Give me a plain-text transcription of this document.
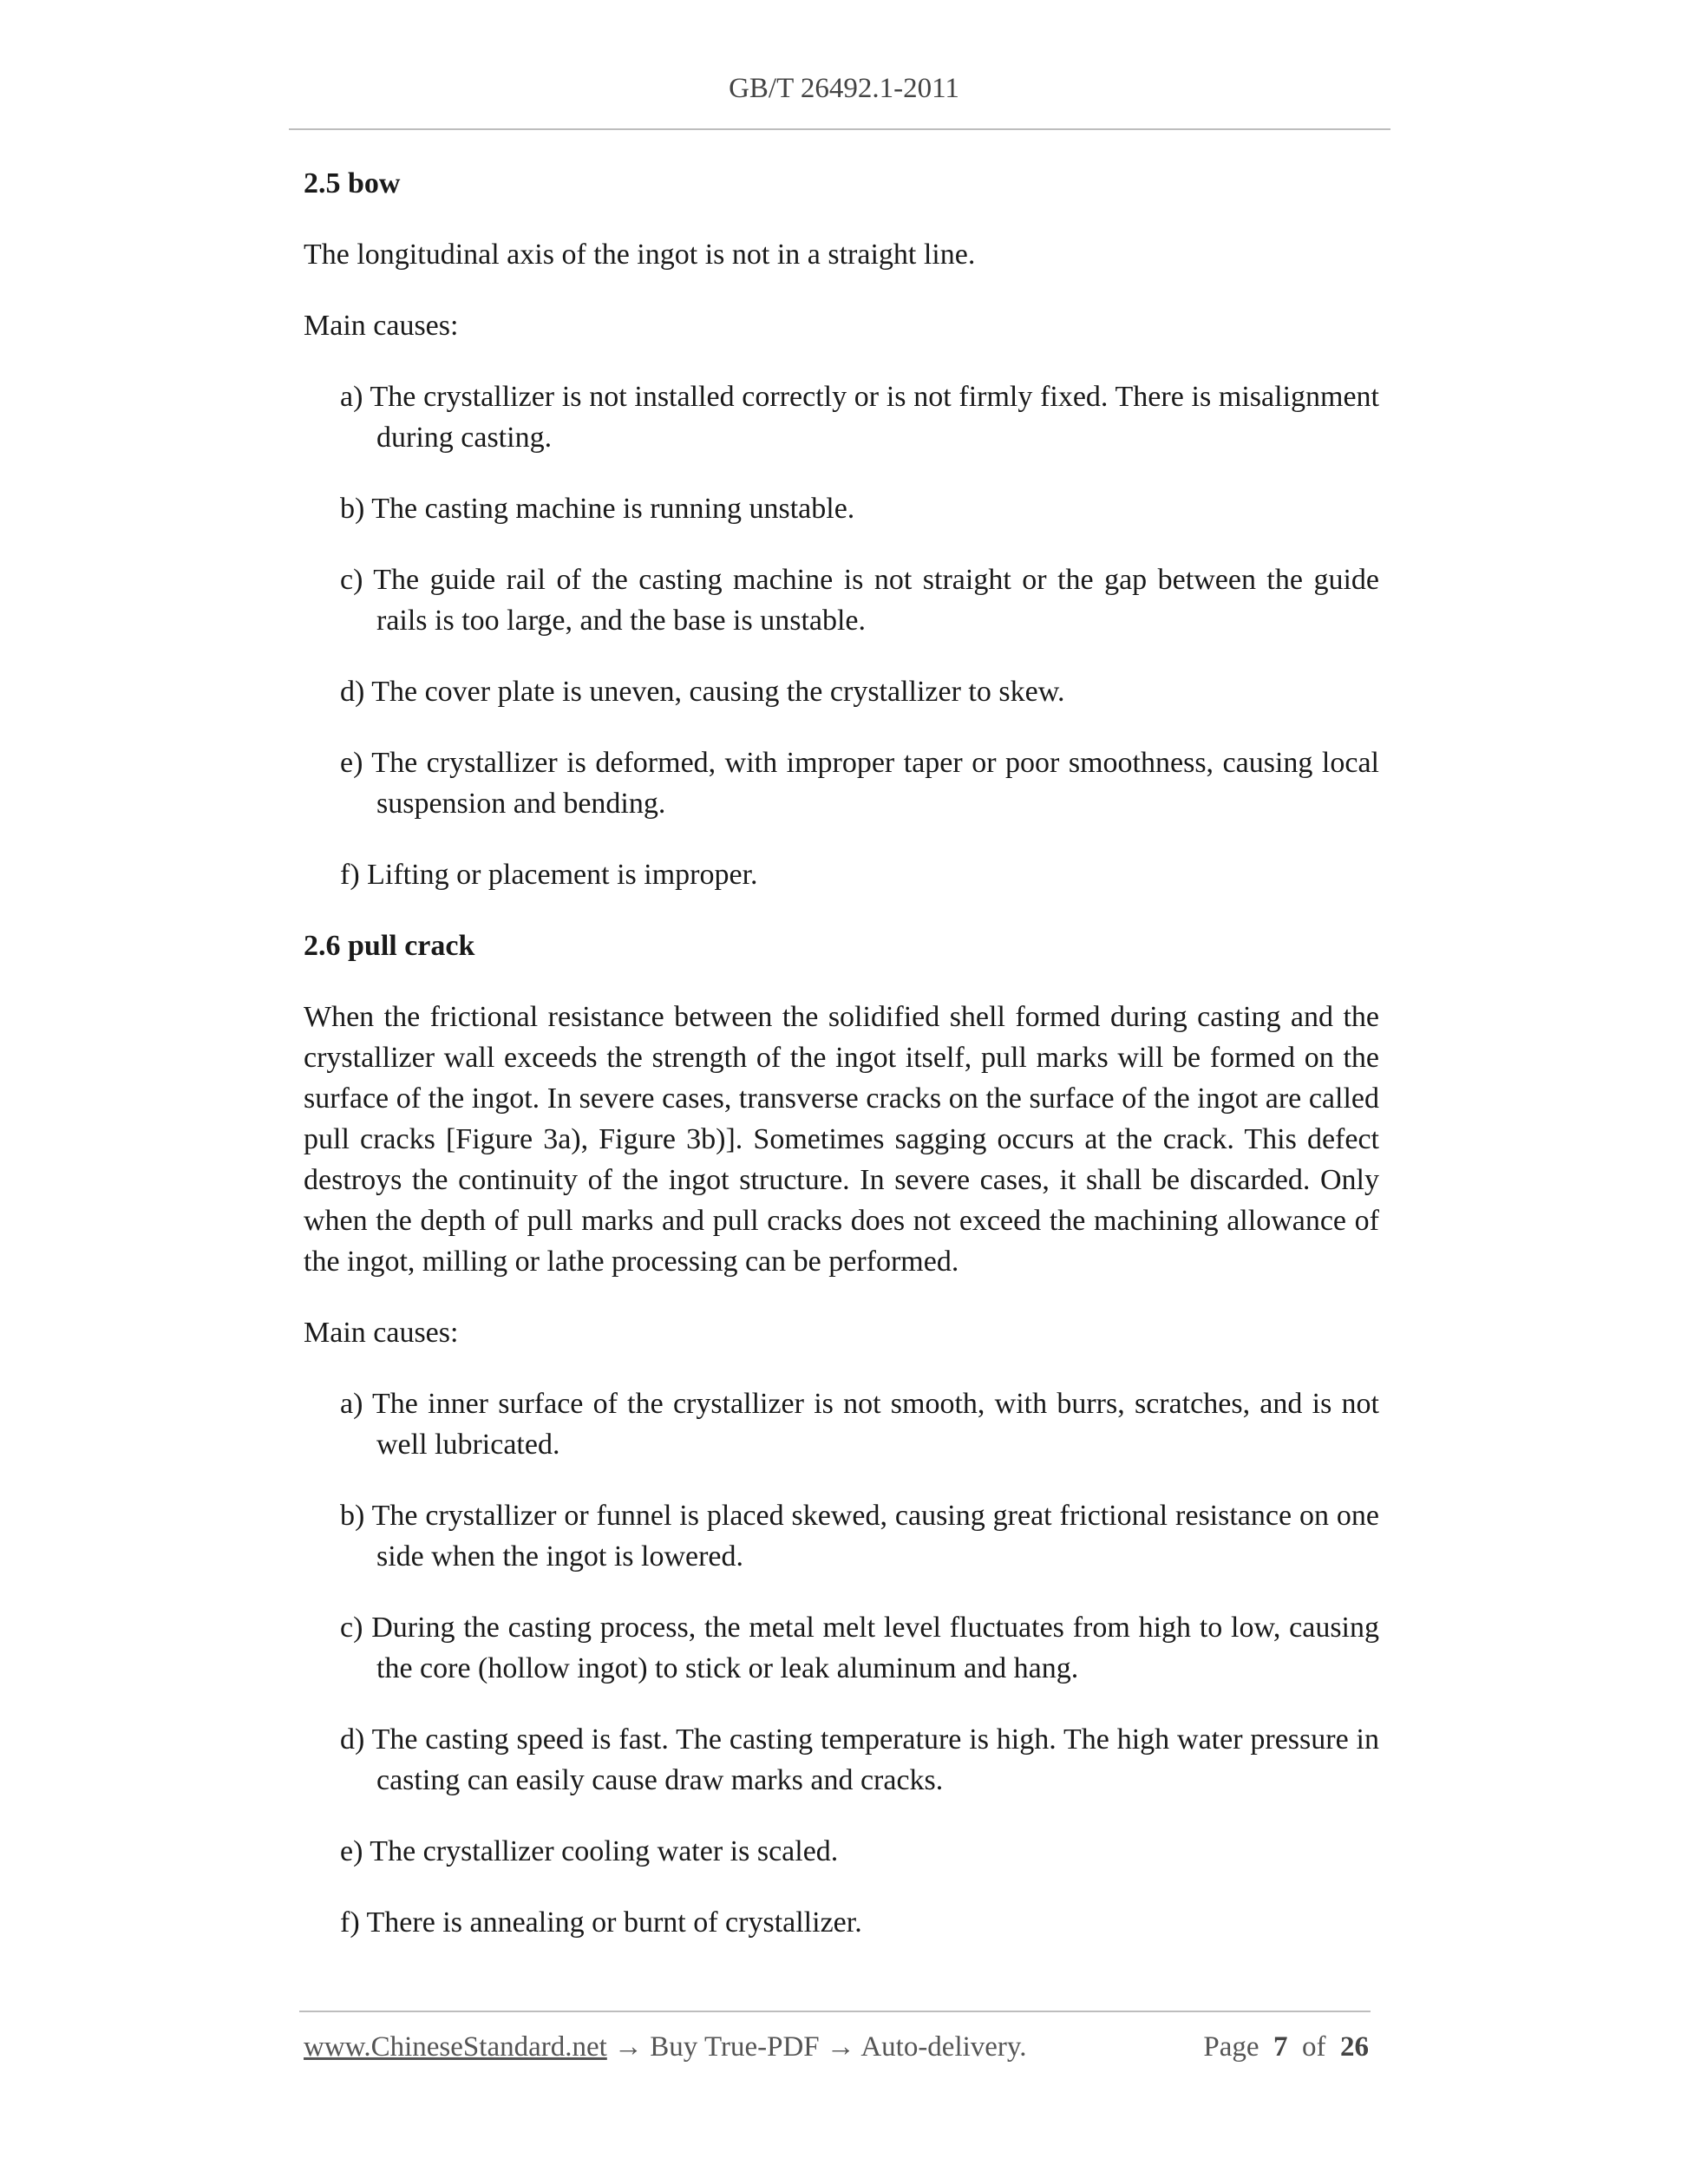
GB/T 26492.1-2011
2.5 bow
The longitudinal axis of the ingot is not in a straight line.
Main causes:
a) The crystallizer is not installed correctly or is not firmly fixed. There is misalignment during casting.
b) The casting machine is running unstable.
c) The guide rail of the casting machine is not straight or the gap between the guide rails is too large, and the base is unstable.
d) The cover plate is uneven, causing the crystallizer to skew.
e) The crystallizer is deformed, with improper taper or poor smoothness, causing local suspension and bending.
f) Lifting or placement is improper.
2.6 pull crack
When the frictional resistance between the solidified shell formed during casting and the crystallizer wall exceeds the strength of the ingot itself, pull marks will be formed on the surface of the ingot. In severe cases, transverse cracks on the surface of the ingot are called pull cracks [Figure 3a), Figure 3b)]. Sometimes sagging occurs at the crack. This defect destroys the continuity of the ingot structure. In severe cases, it shall be discarded. Only when the depth of pull marks and pull cracks does not exceed the machining allowance of the ingot, milling or lathe processing can be performed.
Main causes:
a) The inner surface of the crystallizer is not smooth, with burrs, scratches, and is not well lubricated.
b) The crystallizer or funnel is placed skewed, causing great frictional resistance on one side when the ingot is lowered.
c) During the casting process, the metal melt level fluctuates from high to low, causing the core (hollow ingot) to stick or leak aluminum and hang.
d) The casting speed is fast. The casting temperature is high. The high water pressure in casting can easily cause draw marks and cracks.
e) The crystallizer cooling water is scaled.
f) There is annealing or burnt of crystallizer.
www.ChineseStandard.net → Buy True-PDF → Auto-delivery.	Page 7 of 26
